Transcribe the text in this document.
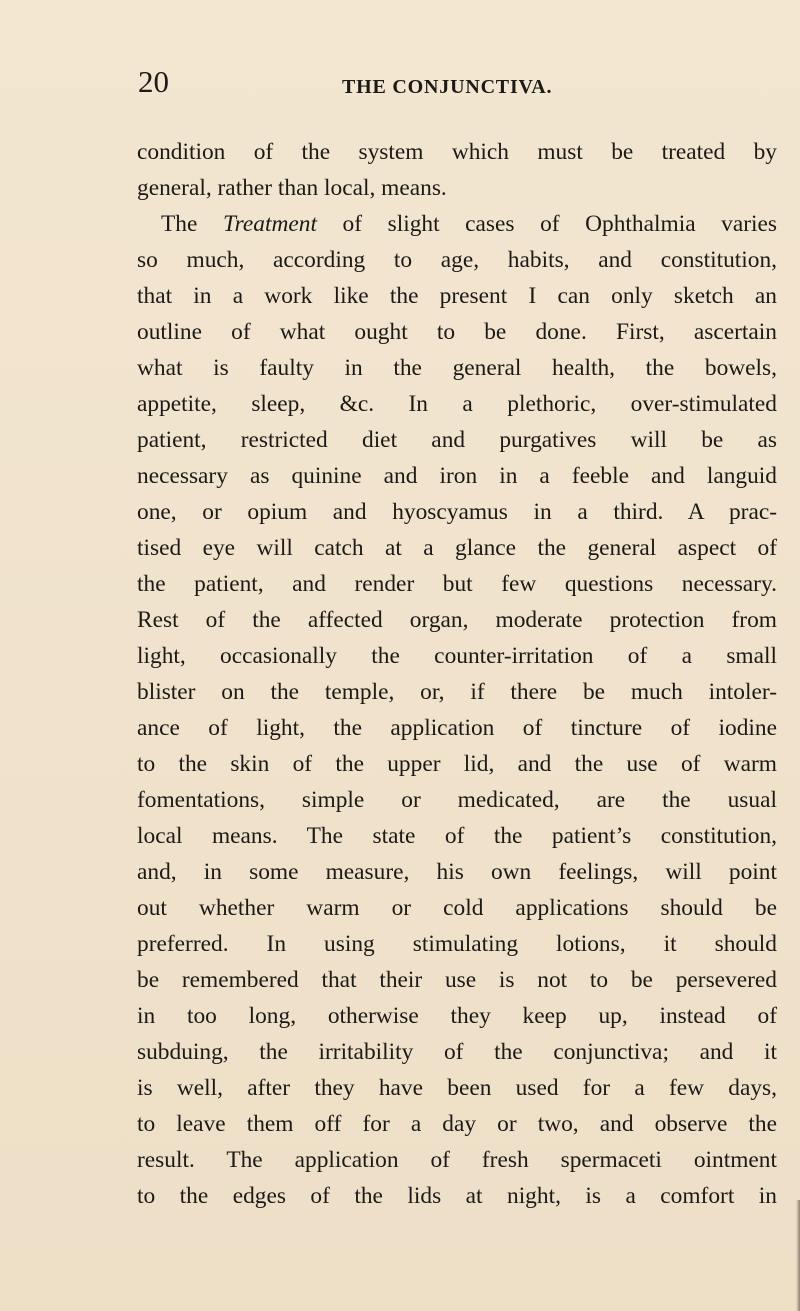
20	THE CONJUNCTIVA.
condition of the system which must be treated by
general, rather than local, means.
The Treatment of slight cases of Ophthalmia varies
so much, according to age, habits, and constitution,
that in a work like the present I can only sketch an
outline of what ought to be done. First, ascertain
what is faulty in the general health, the bowels,
appetite, sleep, &c. In a plethoric, over-stimulated
patient, restricted diet and purgatives will be as
necessary as quinine and iron in a feeble and languid
one, or opium and hyoscyamus in a third. A prac-
tised eye will catch at a glance the general aspect of
the patient, and render but few questions necessary.
Rest of the affected organ, moderate protection from
light, occasionally the counter-irritation of a small
blister on the temple, or, if there be much intoler-
ance of light, the application of tincture of iodine
to the skin of the upper lid, and the use of warm
fomentations, simple or medicated, are the usual
local means. The state of the patient’s constitution,
and, in some measure, his own feelings, will point
out whether warm or cold applications should be
preferred. In using stimulating lotions, it should
be remembered that their use is not to be persevered
in too long, otherwise they keep up, instead of
subduing, the irritability of the conjunctiva; and it
is well, after they have been used for a few days,
to leave them off for a day or two, and observe the
result. The application of fresh spermaceti ointment
to the edges of the lids at night, is a comfort in
